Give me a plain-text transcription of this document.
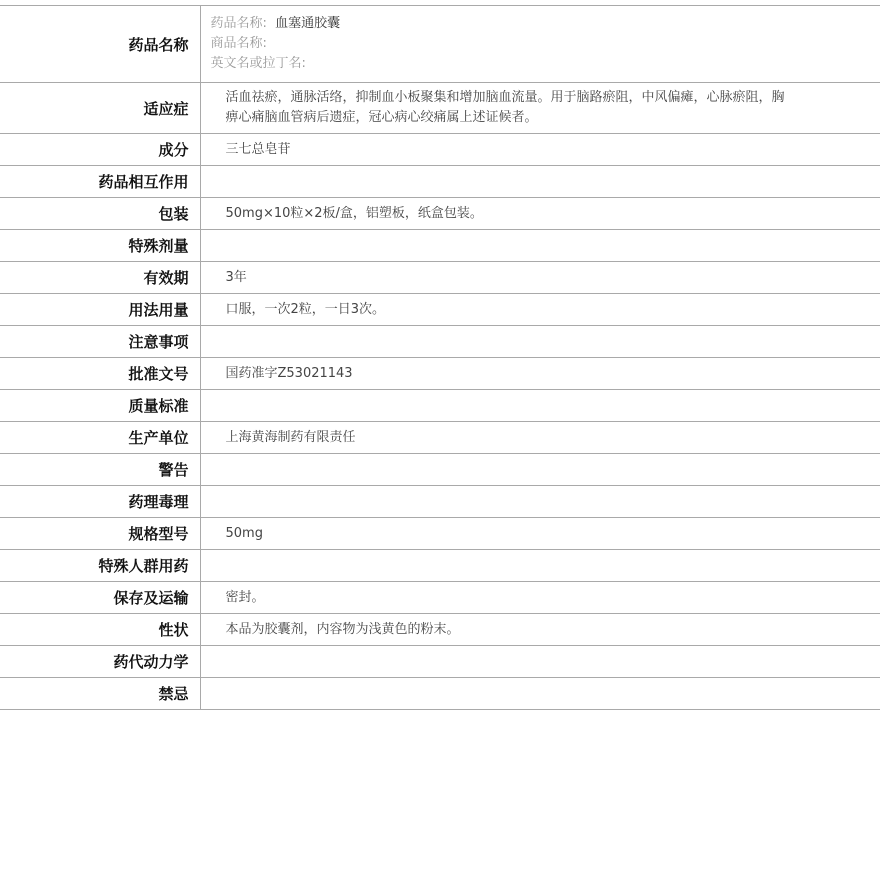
药品名称	药品名称: 血塞通胶囊
商品名称:
英文名或拉丁名:

适应症	活血祛瘀，通脉活络，抑制血小板聚集和增加脑血流量。用于脑路瘀阻，中风偏瘫，心脉瘀阻，胸痹心痛脑血管病后遗症，冠心病心绞痛属上述证候者。
成分	三七总皂苷
药品相互作用	
包装	50mg×10粒×2板/盒，铝塑板，纸盒包装。
特殊剂量	
有效期	3年
用法用量	口服，一次2粒，一日3次。
注意事项	
批准文号	国药准字Z53021143
质量标准	
生产单位	上海黄海制药有限责任
警告	
药理毒理	
规格型号	50mg
特殊人群用药	
保存及运输	密封。
性状	本品为胶囊剂，内容物为浅黄色的粉末。
药代动力学	
禁忌	
